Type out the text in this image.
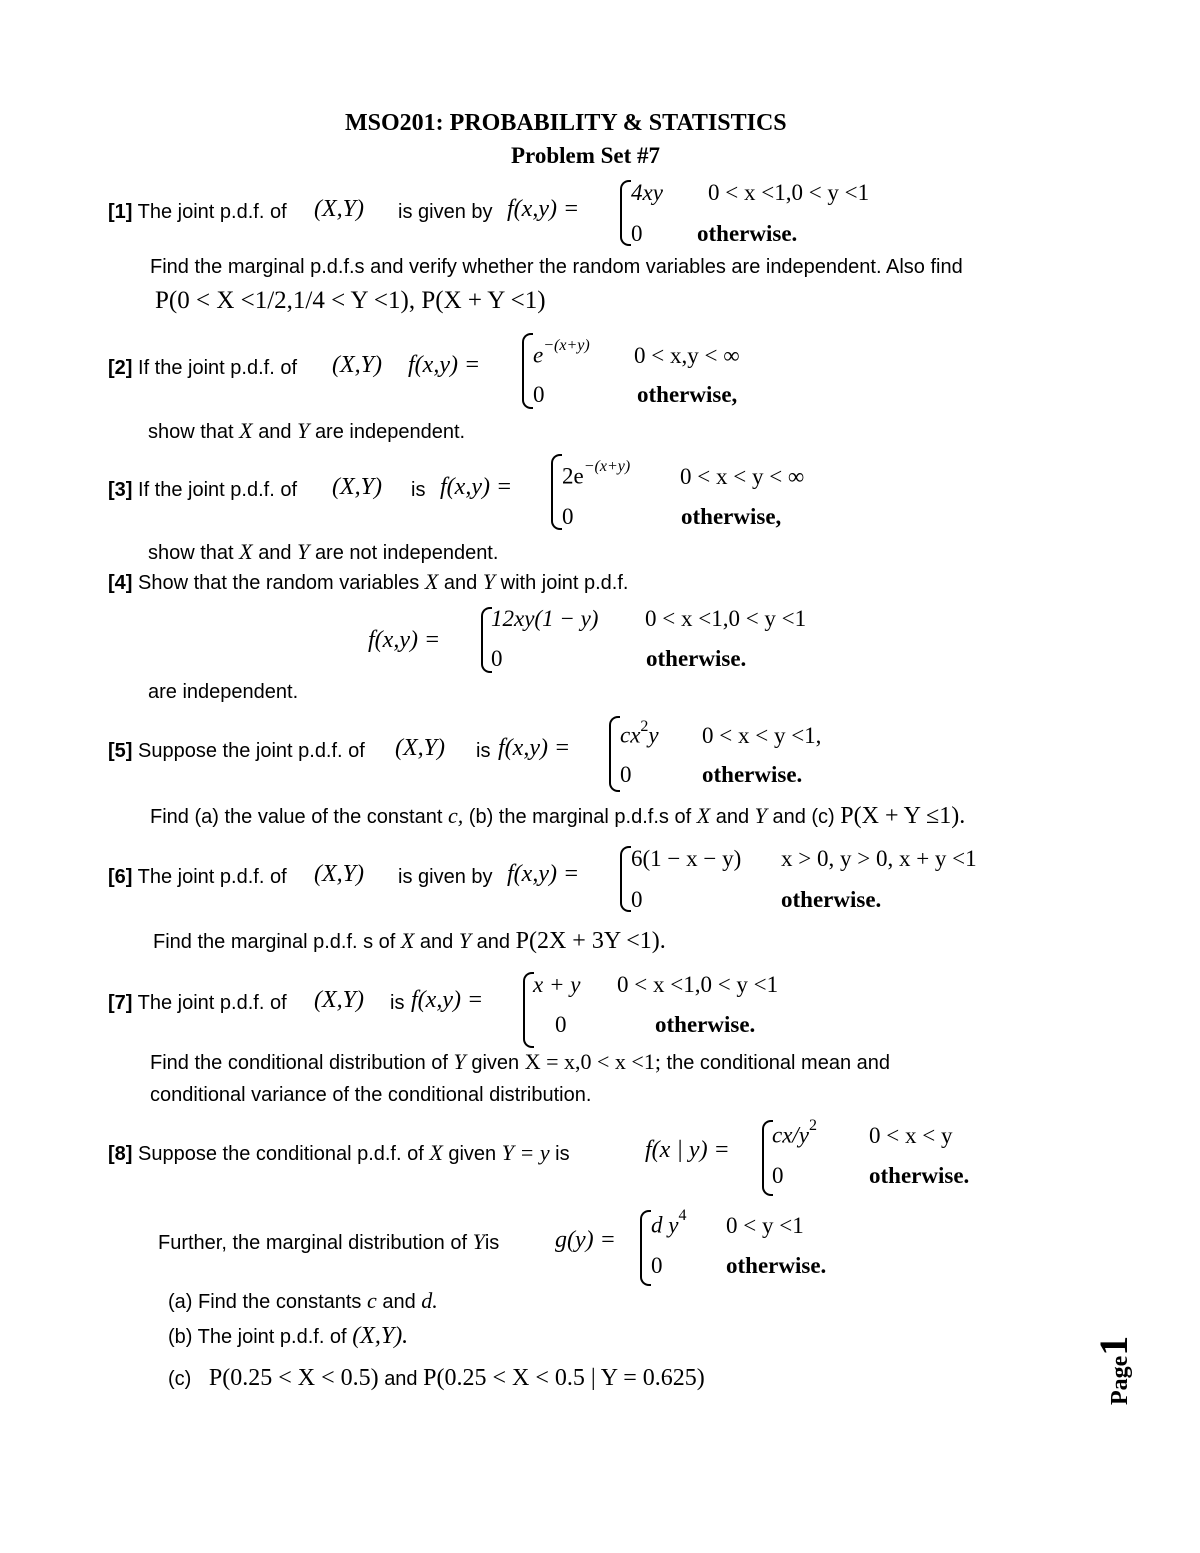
MSO201: PROBABILITY & STATISTICS
Problem Set #7
[1] The joint p.d.f. of (X,Y) is given by f(x,y) =
4xy 0 < x <1,0 < y <1
0 otherwise.
Find the marginal p.d.f.s and verify whether the random variables are independent. Also find
P(0 < X <1/2,1/4 < Y <1), P(X + Y <1)
[2] If the joint p.d.f. of (X,Y) $f(x,y) = e^{-(x+y)}$ 0 < x,y < ∞
0	otherwise,
show that X and Y are independent.
[3] If the joint p.d.f. of (X,Y) is $f(x,y) = 2e^{-(x+y)}$ 0 < x < y < ∞
0	otherwise,
show that X and Y are not independent.
[4] Show that the random variables X and Y with joint p.d.f.
f(x,y) =
12xy(1 − y) 0 < x <1,0 < y <1
0	otherwise.
are independent.
[5] Suppose the joint p.d.f. of (X,Y) is $f(x,y) = cx^2y$ 0 < x < y <1,
0	otherwise.
Find (a) the value of the constant c, (b) the marginal p.d.f.s of X and Y and (c) P(X + Y ≤1).
[6] The joint p.d.f. of (X,Y) is given by f(x,y) =
6(1 − x − y) x > 0, y > 0, x + y <1
0	otherwise.
Find the marginal p.d.f. s of X and Y and P(2X + 3Y <1).
[7] The joint p.d.f. of (X,Y) is f(x,y) =
x + y 0 < x <1,0 < y <1
0	otherwise.
Find the conditional distribution of Y given X = x,0 < x <1; the conditional mean and
conditional variance of the conditional distribution.
[8] Suppose the conditional p.d.f. of X given Y = y is	f(x | y) =
$cx/y^2$ 0 < x < y
0	otherwise.
Further, the marginal distribution of Yis g(y) =
d $y^4$ 0 < y <1
0	otherwise.
(a) Find the constants c and d.
(b) The joint p.d.f. of (X,Y).
(c) P(0.25 < X < 0.5) and P(0.25 < X < 0.5 | Y = 0.625)	Page1
